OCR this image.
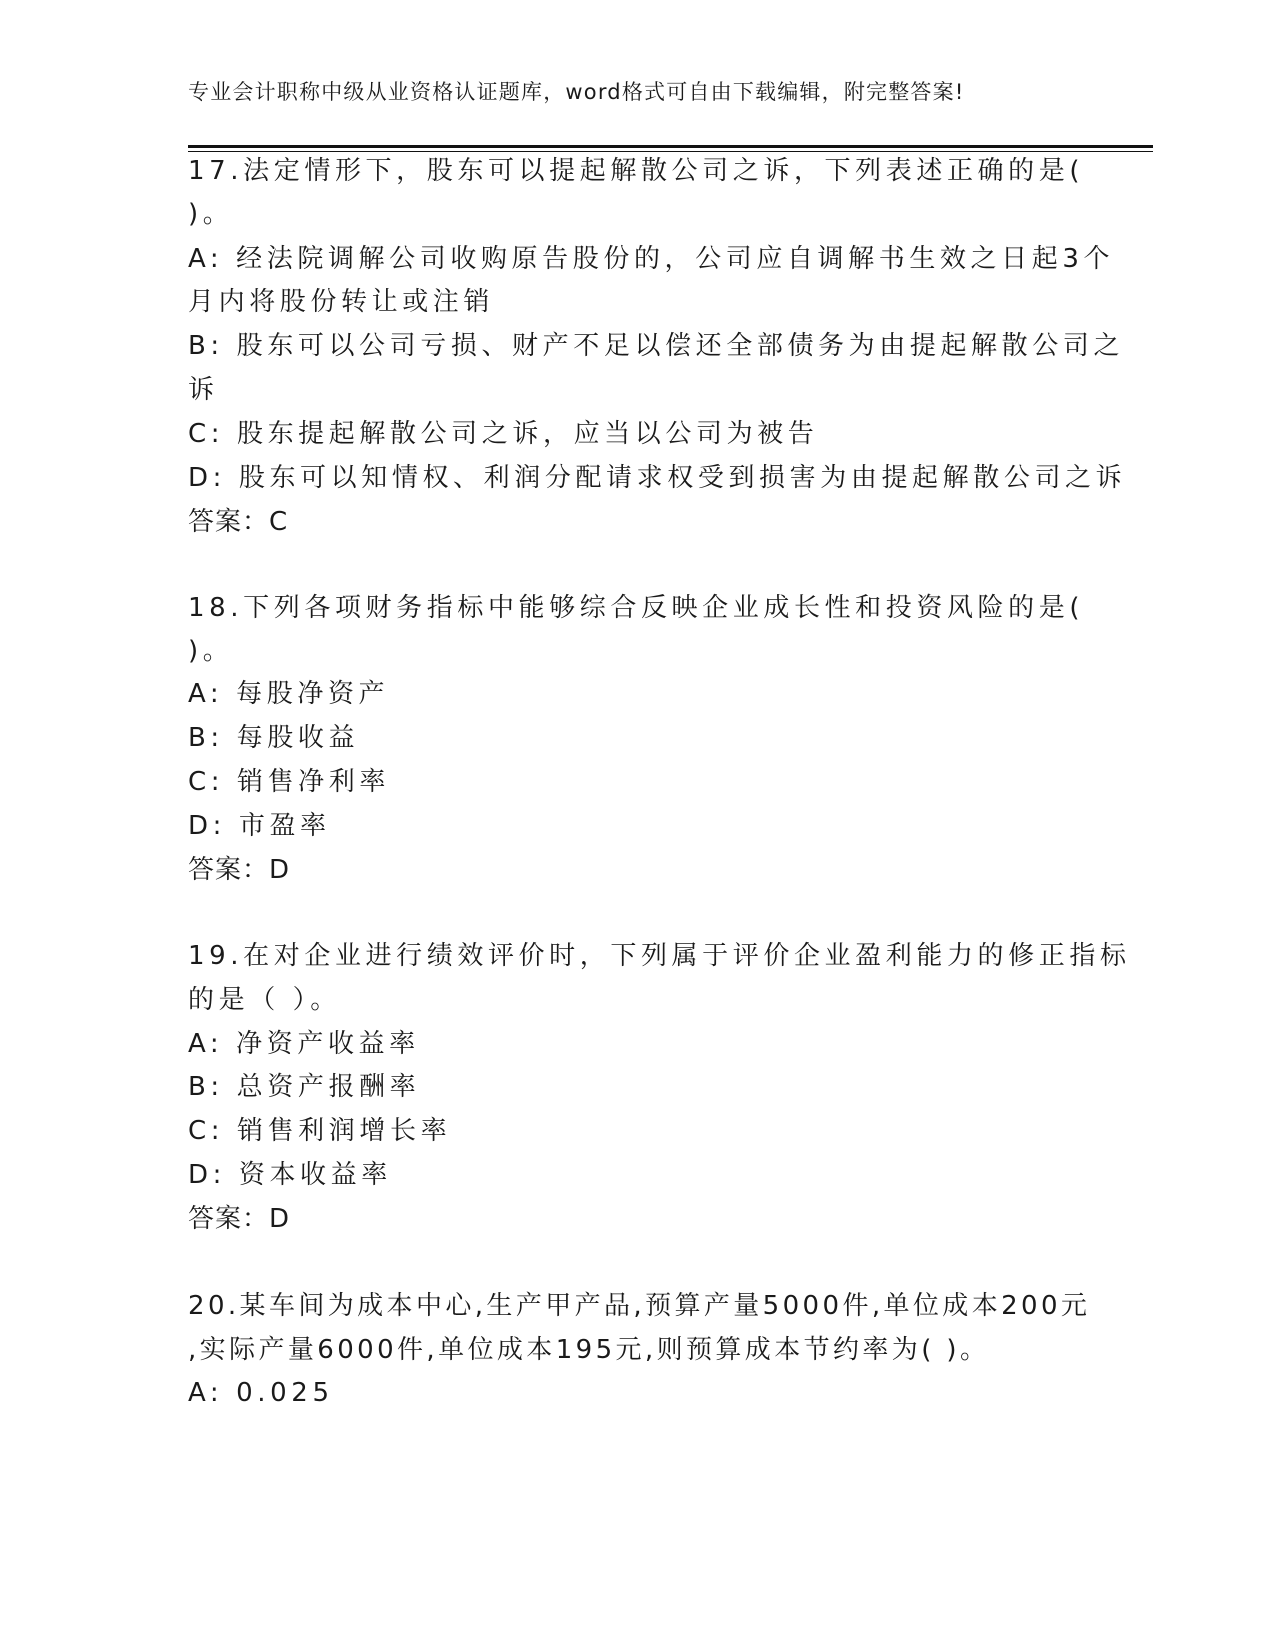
专业会计职称中级从业资格认证题库，word格式可自由下载编辑，附完整答案!
17.法定情形下，股东可以提起解散公司之诉，下列表述正确的是(
)。
A: 经法院调解公司收购原告股份的，公司应自调解书生效之日起3个
月内将股份转让或注销
B: 股东可以公司亏损、财产不足以偿还全部债务为由提起解散公司之
诉
C: 股东提起解散公司之诉，应当以公司为被告
D: 股东可以知情权、利润分配请求权受到损害为由提起解散公司之诉
答案：C
18.下列各项财务指标中能够综合反映企业成长性和投资风险的是(
)。
A: 每股净资产
B: 每股收益
C: 销售净利率
D: 市盈率
答案：D
19.在对企业进行绩效评价时，下列属于评价企业盈利能力的修正指标
的是（ ）。
A: 净资产收益率
B: 总资产报酬率
C: 销售利润增长率
D: 资本收益率
答案：D
20.某车间为成本中心,生产甲产品,预算产量5000件,单位成本200元
,实际产量6000件,单位成本195元,则预算成本节约率为( )。
A: 0.025
